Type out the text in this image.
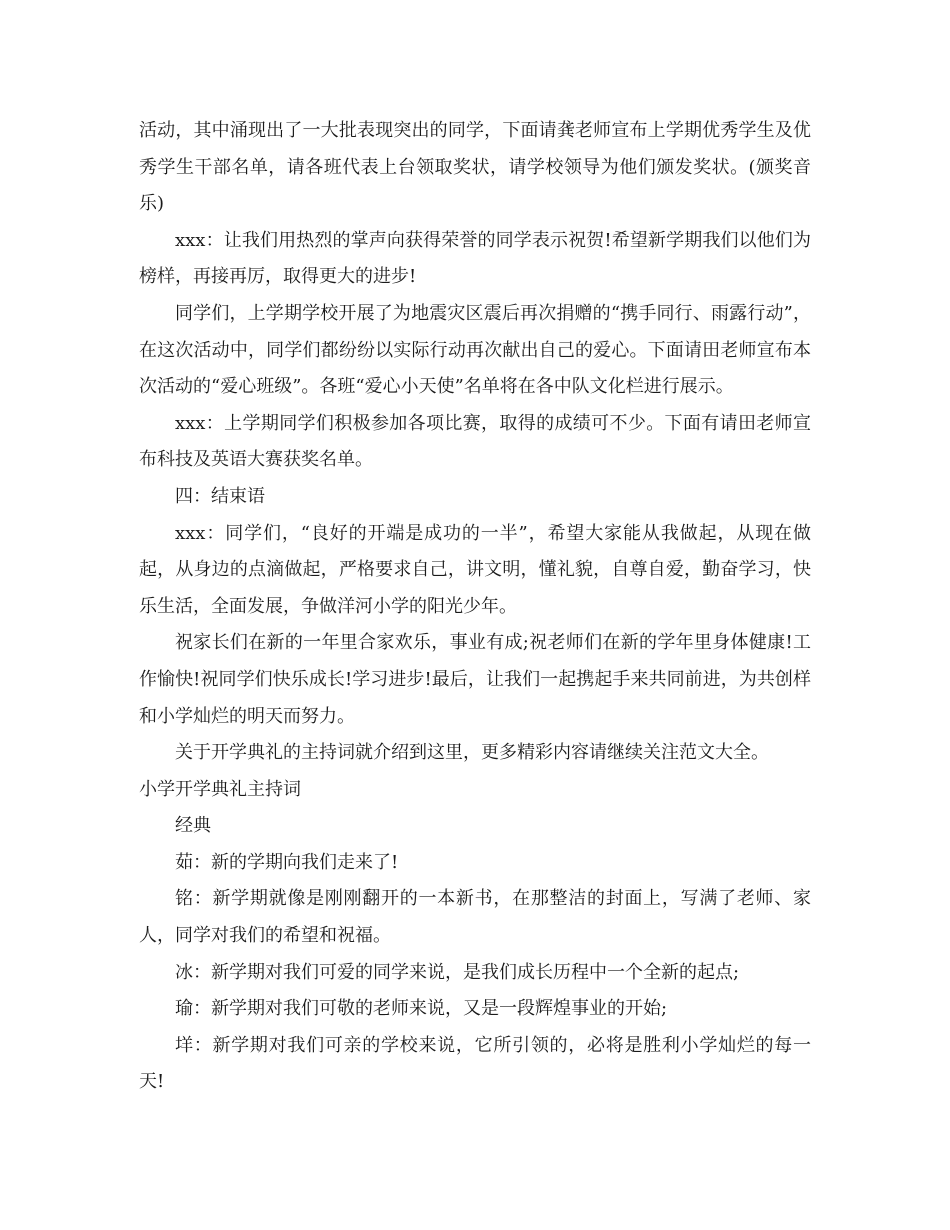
活动，其中涌现出了一大批表现突出的同学，下面请龚老师宣布上学期优秀学生及优秀学生干部名单，请各班代表上台领取奖状，请学校领导为他们颁发奖状。(颁奖音乐)

xxx：让我们用热烈的掌声向获得荣誉的同学表示祝贺!希望新学期我们以他们为榜样，再接再厉，取得更大的进步!

同学们，上学期学校开展了为地震灾区震后再次捐赠的“携手同行、雨露行动”，在这次活动中，同学们都纷纷以实际行动再次献出自己的爱心。下面请田老师宣布本次活动的“爱心班级”。各班“爱心小天使”名单将在各中队文化栏进行展示。

xxx：上学期同学们积极参加各项比赛，取得的成绩可不少。下面有请田老师宣布科技及英语大赛获奖名单。

四：结束语

xxx：同学们，“良好的开端是成功的一半”，希望大家能从我做起，从现在做起，从身边的点滴做起，严格要求自己，讲文明，懂礼貌，自尊自爱，勤奋学习，快乐生活，全面发展，争做洋河小学的阳光少年。

祝家长们在新的一年里合家欢乐，事业有成;祝老师们在新的学年里身体健康!工作愉快!祝同学们快乐成长!学习进步!最后，让我们一起携起手来共同前进，为共创样和小学灿烂的明天而努力。

关于开学典礼的主持词就介绍到这里，更多精彩内容请继续关注范文大全。

小学开学典礼主持词

经典

茹：新的学期向我们走来了!

铭：新学期就像是刚刚翻开的一本新书，在那整洁的封面上，写满了老师、家人，同学对我们的希望和祝福。

冰：新学期对我们可爱的同学来说，是我们成长历程中一个全新的起点;

瑜：新学期对我们可敬的老师来说，又是一段辉煌事业的开始;

垟：新学期对我们可亲的学校来说，它所引领的，必将是胜利小学灿烂的每一天!
